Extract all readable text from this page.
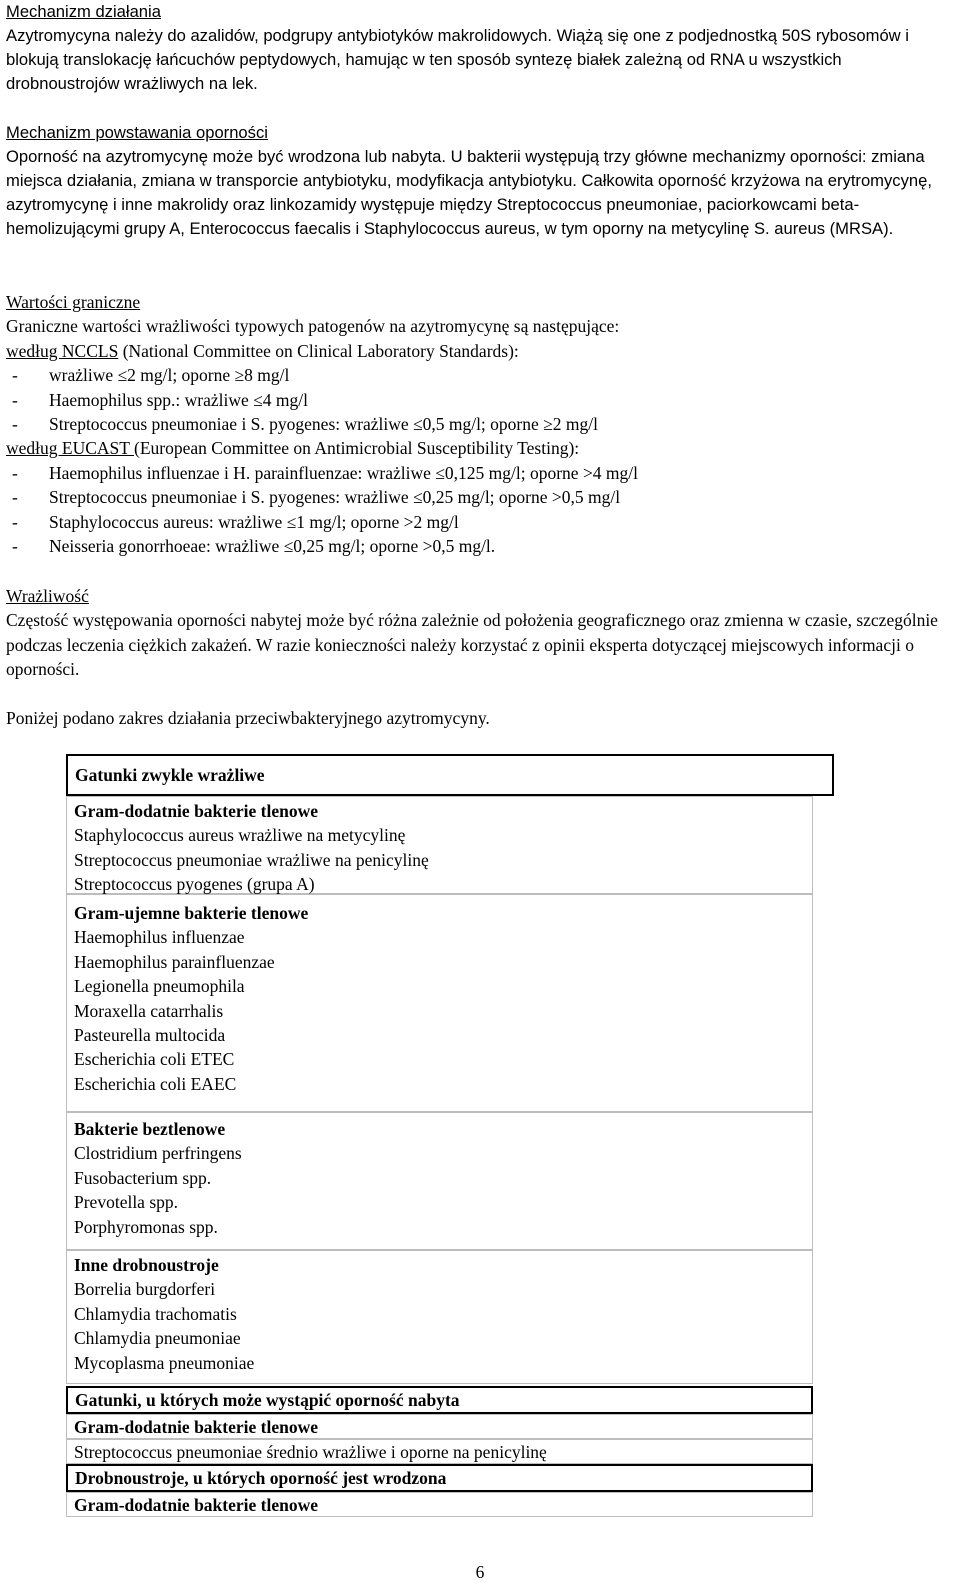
Mechanizm działania

Azytromycyna należy do azalidów, podgrupy antybiotyków makrolidowych. Wiążą się one z podjednostką 50S rybosomów i blokują translokację łańcuchów peptydowych, hamując w ten sposób syntezę białek zależną od RNA u wszystkich drobnoustrojów wrażliwych na lek.

Mechanizm powstawania oporności

Oporność na azytromycynę może być wrodzona lub nabyta. U bakterii występują trzy główne mechanizmy oporności: zmiana miejsca działania, zmiana w transporcie antybiotyku, modyfikacja antybiotyku. Całkowita oporność krzyżowa na erytromycynę, azytromycynę i inne makrolidy oraz linkozamidy występuje między Streptococcus pneumoniae, paciorkowcami beta-hemolizującymi grupy A, Enterococcus faecalis i Staphylococcus aureus, w tym oporny na metycylinę S. aureus (MRSA).

Wartości graniczne

Graniczne wartości wrażliwości typowych patogenów na azytromycynę są następujące:

według NCCLS (National Committee on Clinical Laboratory Standards):

- wrażliwe ≤2 mg/l; oporne ≥8 mg/l
- Haemophilus spp.: wrażliwe ≤4 mg/l
- Streptococcus pneumoniae i S. pyogenes: wrażliwe ≤0,5 mg/l; oporne ≥2 mg/l

według EUCAST (European Committee on Antimicrobial Susceptibility Testing):

- Haemophilus influenzae i H. parainfluenzae: wrażliwe ≤0,125 mg/l; oporne >4 mg/l
- Streptococcus pneumoniae i S. pyogenes: wrażliwe ≤0,25 mg/l; oporne >0,5 mg/l
- Staphylococcus aureus: wrażliwe ≤1 mg/l; oporne >2 mg/l
- Neisseria gonorrhoeae: wrażliwe ≤0,25 mg/l; oporne >0,5 mg/l.

Wrażliwość

Częstość występowania oporności nabytej może być różna zależnie od położenia geograficznego oraz zmienna w czasie, szczególnie podczas leczenia ciężkich zakażeń. W razie konieczności należy korzystać z opinii eksperta dotyczącej miejscowych informacji o oporności.

Poniżej podano zakres działania przeciwbakteryjnego azytromycyny.

Gatunki zwykle wrażliwe
Gram-dodatnie bakterie tlenowe
Staphylococcus aureus wrażliwe na metycylinę
Streptococcus pneumoniae wrażliwe na penicylinę
Streptococcus pyogenes (grupa A)
Gram-ujemne bakterie tlenowe
Haemophilus influenzae
Haemophilus parainfluenzae
Legionella pneumophila
Moraxella catarrhalis
Pasteurella multocida
Escherichia coli ETEC
Escherichia coli EAEC
Bakterie beztlenowe
Clostridium perfringens
Fusobacterium spp.
Prevotella spp.
Porphyromonas spp.
Inne drobnoustroje
Borrelia burgdorferi
Chlamydia trachomatis
Chlamydia pneumoniae
Mycoplasma pneumoniae
Gatunki, u których może wystąpić oporność nabyta
Gram-dodatnie bakterie tlenowe
Streptococcus pneumoniae średnio wrażliwe i oporne na penicylinę
Drobnoustroje, u których oporność jest wrodzona
Gram-dodatnie bakterie tlenowe
6
